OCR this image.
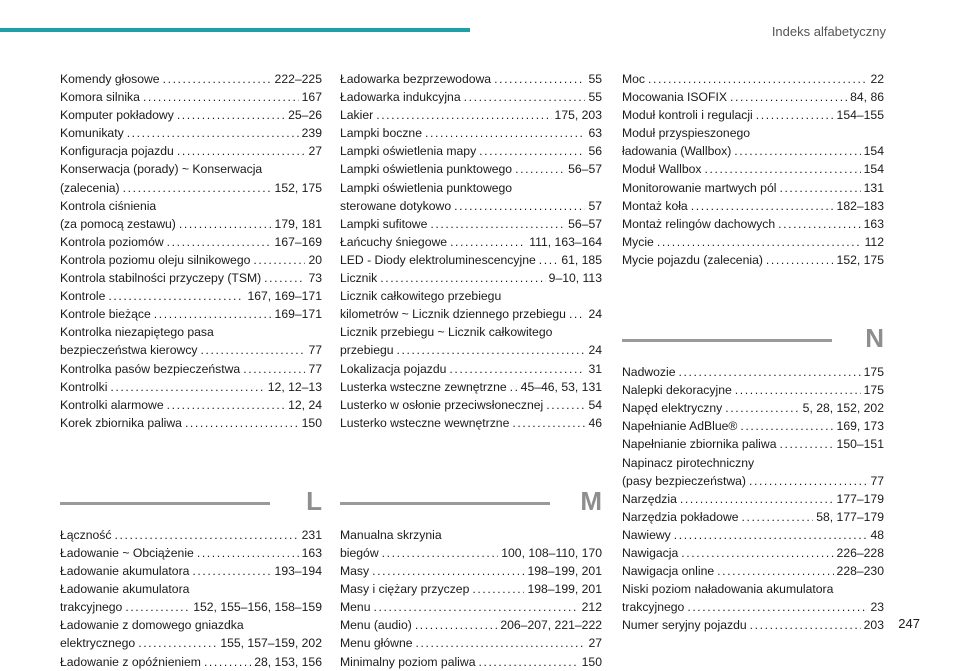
Indeks alfabetyczny
Komendy głosowe .....	222–225
Komora silnika .....	167
Komputer pokładowy .....	25–26
Komunikaty .....	239
Konfiguracja pojazdu .....	27
Konserwacja (porady) ~ Konserwacja
(zalecenia) .....	152, 175
Kontrola ciśnienia
(za pomocą zestawu) .....	179, 181
Kontrola poziomów .....	167–169
Kontrola poziomu oleju silnikowego .....	20
Kontrola stabilności przyczepy (TSM) .....	73
Kontrole .....	167, 169–171
Kontrole bieżące .....	169–171
Kontrolka niezapiętego pasa
bezpieczeństwa kierowcy .....	77
Kontrolka pasów bezpieczeństwa .....	77
Kontrolki .....	12, 12–13
Kontrolki alarmowe .....	12, 24
Korek zbiornika paliwa .....	150
L
Łączność .....	231
Ładowanie ~ Obciążenie .....	163
Ładowanie akumulatora .....	193–194
Ładowanie akumulatora
trakcyjnego .....	152, 155–156, 158–159
Ładowanie z domowego gniazdka
elektrycznego .....	155, 157–159, 202
Ładowanie z opóźnieniem .....	28, 153, 156
Ładowarka bezprzewodowa .....	55
Ładowarka indukcyjna .....	55
Lakier .....	175, 203
Lampki boczne .....	63
Lampki oświetlenia mapy .....	56
Lampki oświetlenia punktowego .....	56–57
Lampki oświetlenia punktowego
sterowane dotykowo .....	57
Lampki sufitowe .....	56–57
Łańcuchy śniegowe .....	111, 163–164
LED - Diody elektroluminescencyjne ..... 61, 185
Licznik .....	9–10, 113
Licznik całkowitego przebiegu
kilometrów ~ Licznik dziennego przebiegu ..... 24
Licznik przebiegu ~ Licznik całkowitego
przebiegu .....	24
Lokalizacja pojazdu .....	31
Lusterka wsteczne zewnętrzne ..... 45–46, 53, 131
Lusterko w osłonie przeciwsłonecznej .....	54
Lusterko wsteczne wewnętrzne .....	46
M
Manualna skrzynia
biegów .....	100, 108–110, 170
Masy .....	198–199, 201
Masy i ciężary przyczep .....	198–199, 201
Menu .....	212
Menu (audio) .....	206–207, 221–222
Menu główne .....	27
Minimalny poziom paliwa .....	150
Moc .....	22
Mocowania ISOFIX .....	84, 86
Moduł kontroli i regulacji .....	154–155
Moduł przyspieszonego
ładowania (Wallbox) .....	154
Moduł Wallbox .....	154
Monitorowanie martwych pól .....	131
Montaż koła .....	182–183
Montaż relingów dachowych .....	163
Mycie .....	112
Mycie pojazdu (zalecenia) .....	152, 175
N
Nadwozie .....	175
Nalepki dekoracyjne .....	175
Napęd elektryczny .....	5, 28, 152, 202
Napełnianie AdBlue® .....	169, 173
Napełnianie zbiornika paliwa .....	150–151
Napinacz pirotechniczny
(pasy bezpieczeństwa) .....	77
Narzędzia .....	177–179
Narzędzia pokładowe .....	58, 177–179
Nawiewy .....	48
Nawigacja .....	226–228
Nawigacja online .....	228–230
Niski poziom naładowania akumulatora
trakcyjnego .....	23
Numer seryjny pojazdu .....	203 247
